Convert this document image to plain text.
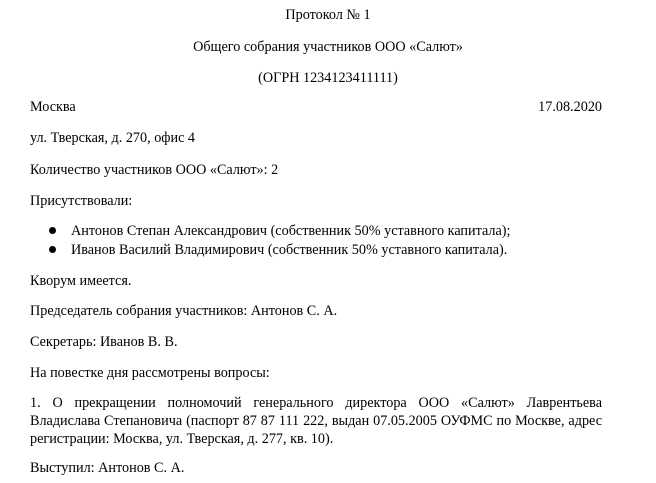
Протокол № 1
Общего собрания участников ООО «Салют»
(ОГРН 1234123411111)
Москва	17.08.2020
ул. Тверская, д. 270, офис 4
Количество участников ООО «Салют»: 2
Присутствовали:
Антонов Степан Александрович (собственник 50% уставного капитала);
Иванов Василий Владимирович (собственник 50% уставного капитала).
Кворум имеется.
Председатель собрания участников: Антонов С. А.
Секретарь: Иванов В. В.
На повестке дня рассмотрены вопросы:
1. О прекращении полномочий генерального директора ООО «Салют» Лаврентьева
Владислава Степановича (паспорт 87 87 111 222, выдан 07.05.2005 ОУФМС по Москве, адрес
регистрации: Москва, ул. Тверская, д. 277, кв. 10).
Выступил: Антонов С. А.
